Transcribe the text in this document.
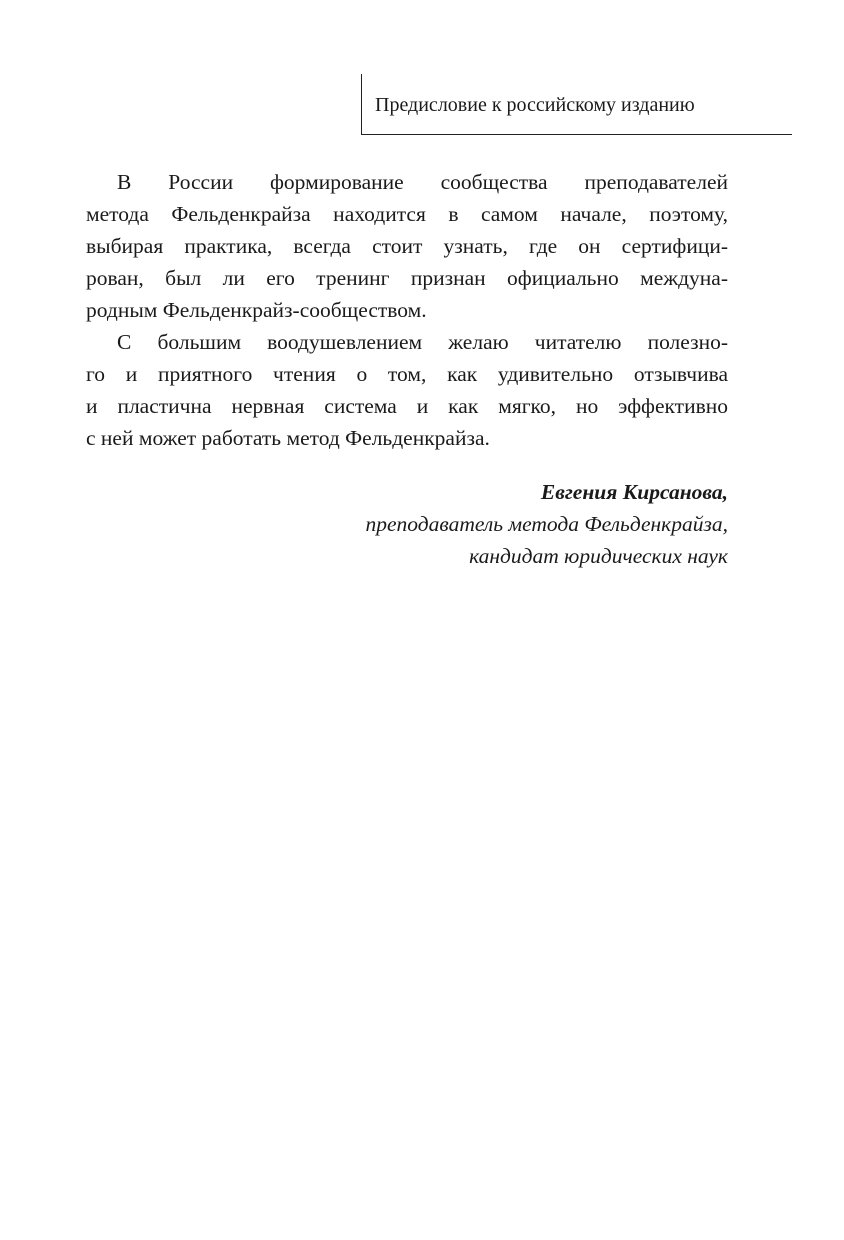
Предисловие к российскому изданию
В России формирование сообщества преподавателей
метода Фельденкрайза находится в самом начале, поэтому,
выбирая практика, всегда стоит узнать, где он сертифици-
рован, был ли его тренинг признан официально междуна-
родным Фельденкрайз-сообществом.
С большим воодушевлением желаю читателю полезно-
го и приятного чтения о том, как удивительно отзывчива
и пластична нервная система и как мягко, но эффективно
с ней может работать метод Фельденкрайза.
Евгения Кирсанова,
преподаватель метода Фельденкрайза,
кандидат юридических наук
